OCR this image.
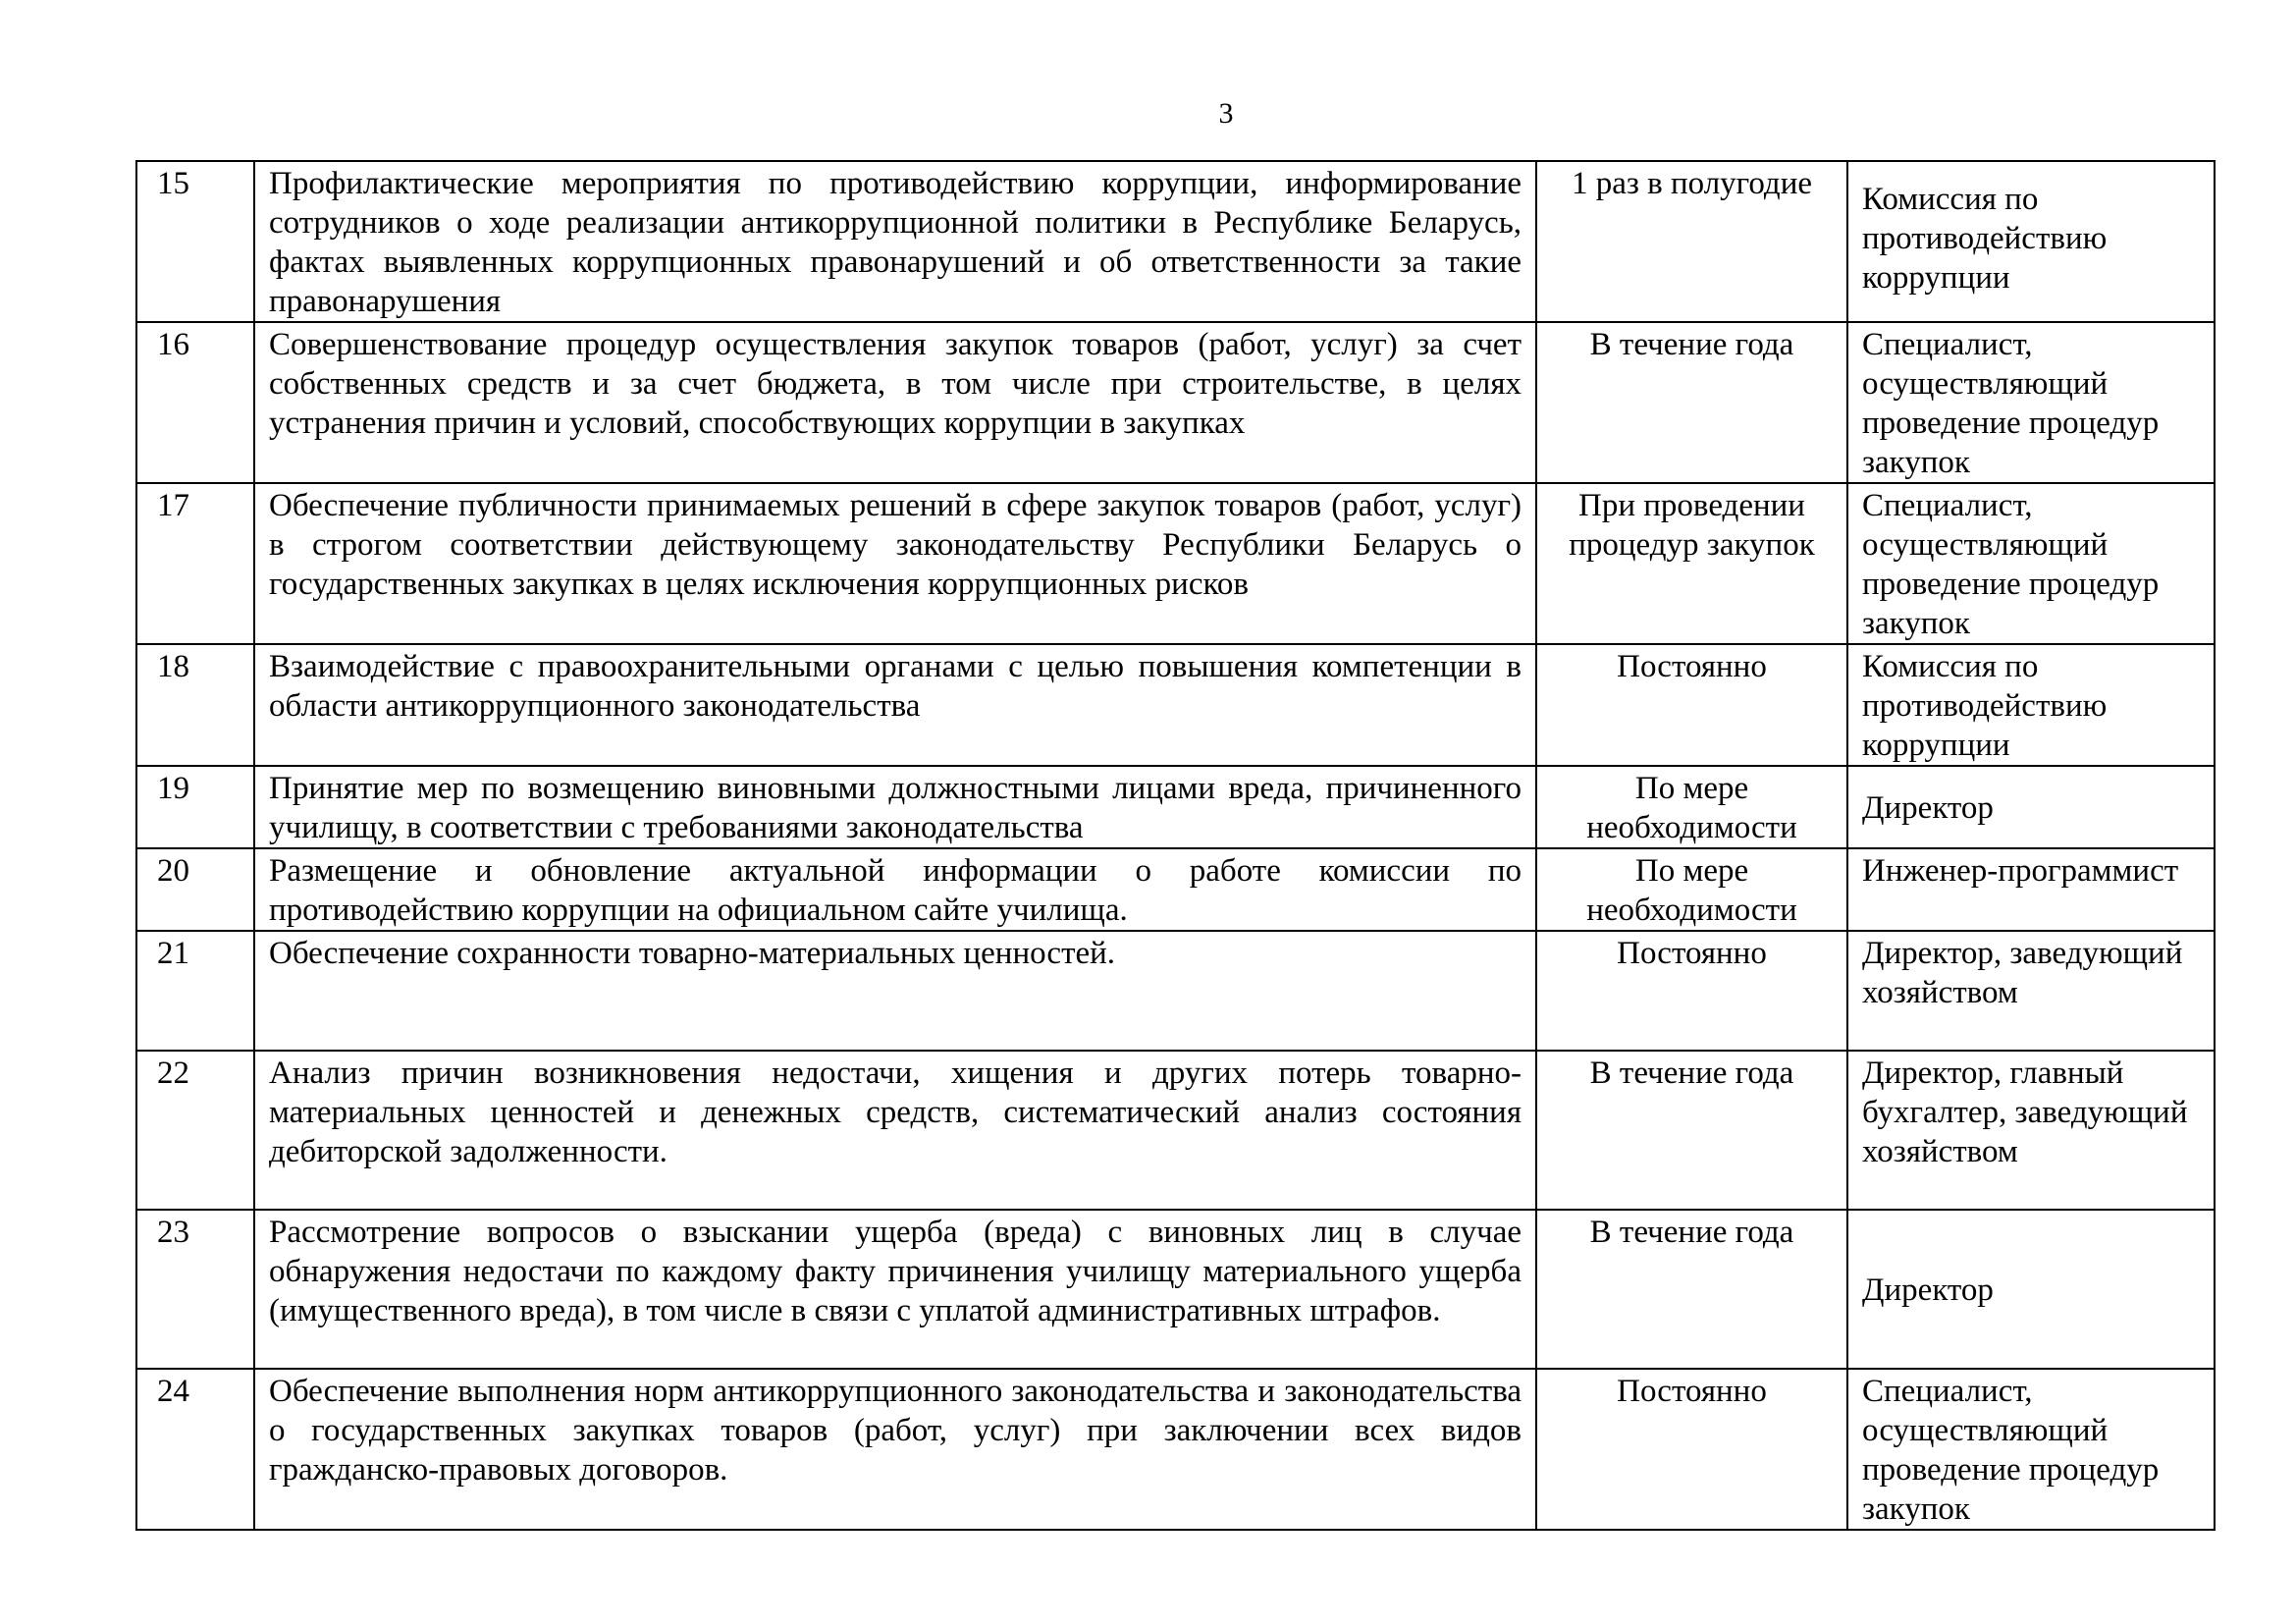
3
15	Профилактические мероприятия по противодействию коррупции, информирование сотрудников о ходе реализации антикоррупционной политики в Республике Беларусь, фактах выявленных коррупционных правонарушений и об ответственности за такие правонарушения	1 раз в полугодие	Комиссия по противодействию коррупции
16	Совершенствование процедур осуществления закупок товаров (работ, услуг) за счет собственных средств и за счет бюджета, в том числе при строительстве, в целях устранения причин и условий, способствующих коррупции в закупках	В течение года	Специалист, осуществляющий проведение процедур закупок
17	Обеспечение публичности принимаемых решений в сфере закупок товаров (работ, услуг) в строгом соответствии действующему законодательству Республики Беларусь о государственных закупках в целях исключения коррупционных рисков	При проведении процедур закупок	Специалист, осуществляющий проведение процедур закупок
18	Взаимодействие с правоохранительными органами с целью повышения компетенции в области антикоррупционного законодательства	Постоянно	Комиссия по противодействию коррупции
19	Принятие мер по возмещению виновными должностными лицами вреда, причиненного училищу, в соответствии с требованиями законодательства	По мере необходимости	Директор
20	Размещение и обновление актуальной информации о работе комиссии по противодействию коррупции на официальном сайте училища.	По мере необходимости	Инженер-программист
21	Обеспечение сохранности товарно-материальных ценностей.	Постоянно	Директор, заведующий хозяйством
22	Анализ причин возникновения недостачи, хищения и других потерь товарно-материальных ценностей и денежных средств, систематический анализ состояния дебиторской задолженности.	В течение года	Директор, главный бухгалтер, заведующий хозяйством
23	Рассмотрение вопросов о взыскании ущерба (вреда) с виновных лиц в случае обнаружения недостачи по каждому факту причинения училищу материального ущерба (имущественного вреда), в том числе в связи с уплатой административных штрафов.	В течение года	Директор
24	Обеспечение выполнения норм антикоррупционного законодательства и законодательства о государственных закупках товаров (работ, услуг) при заключении всех видов гражданско-правовых договоров.	Постоянно	Специалист, осуществляющий проведение процедур закупок
